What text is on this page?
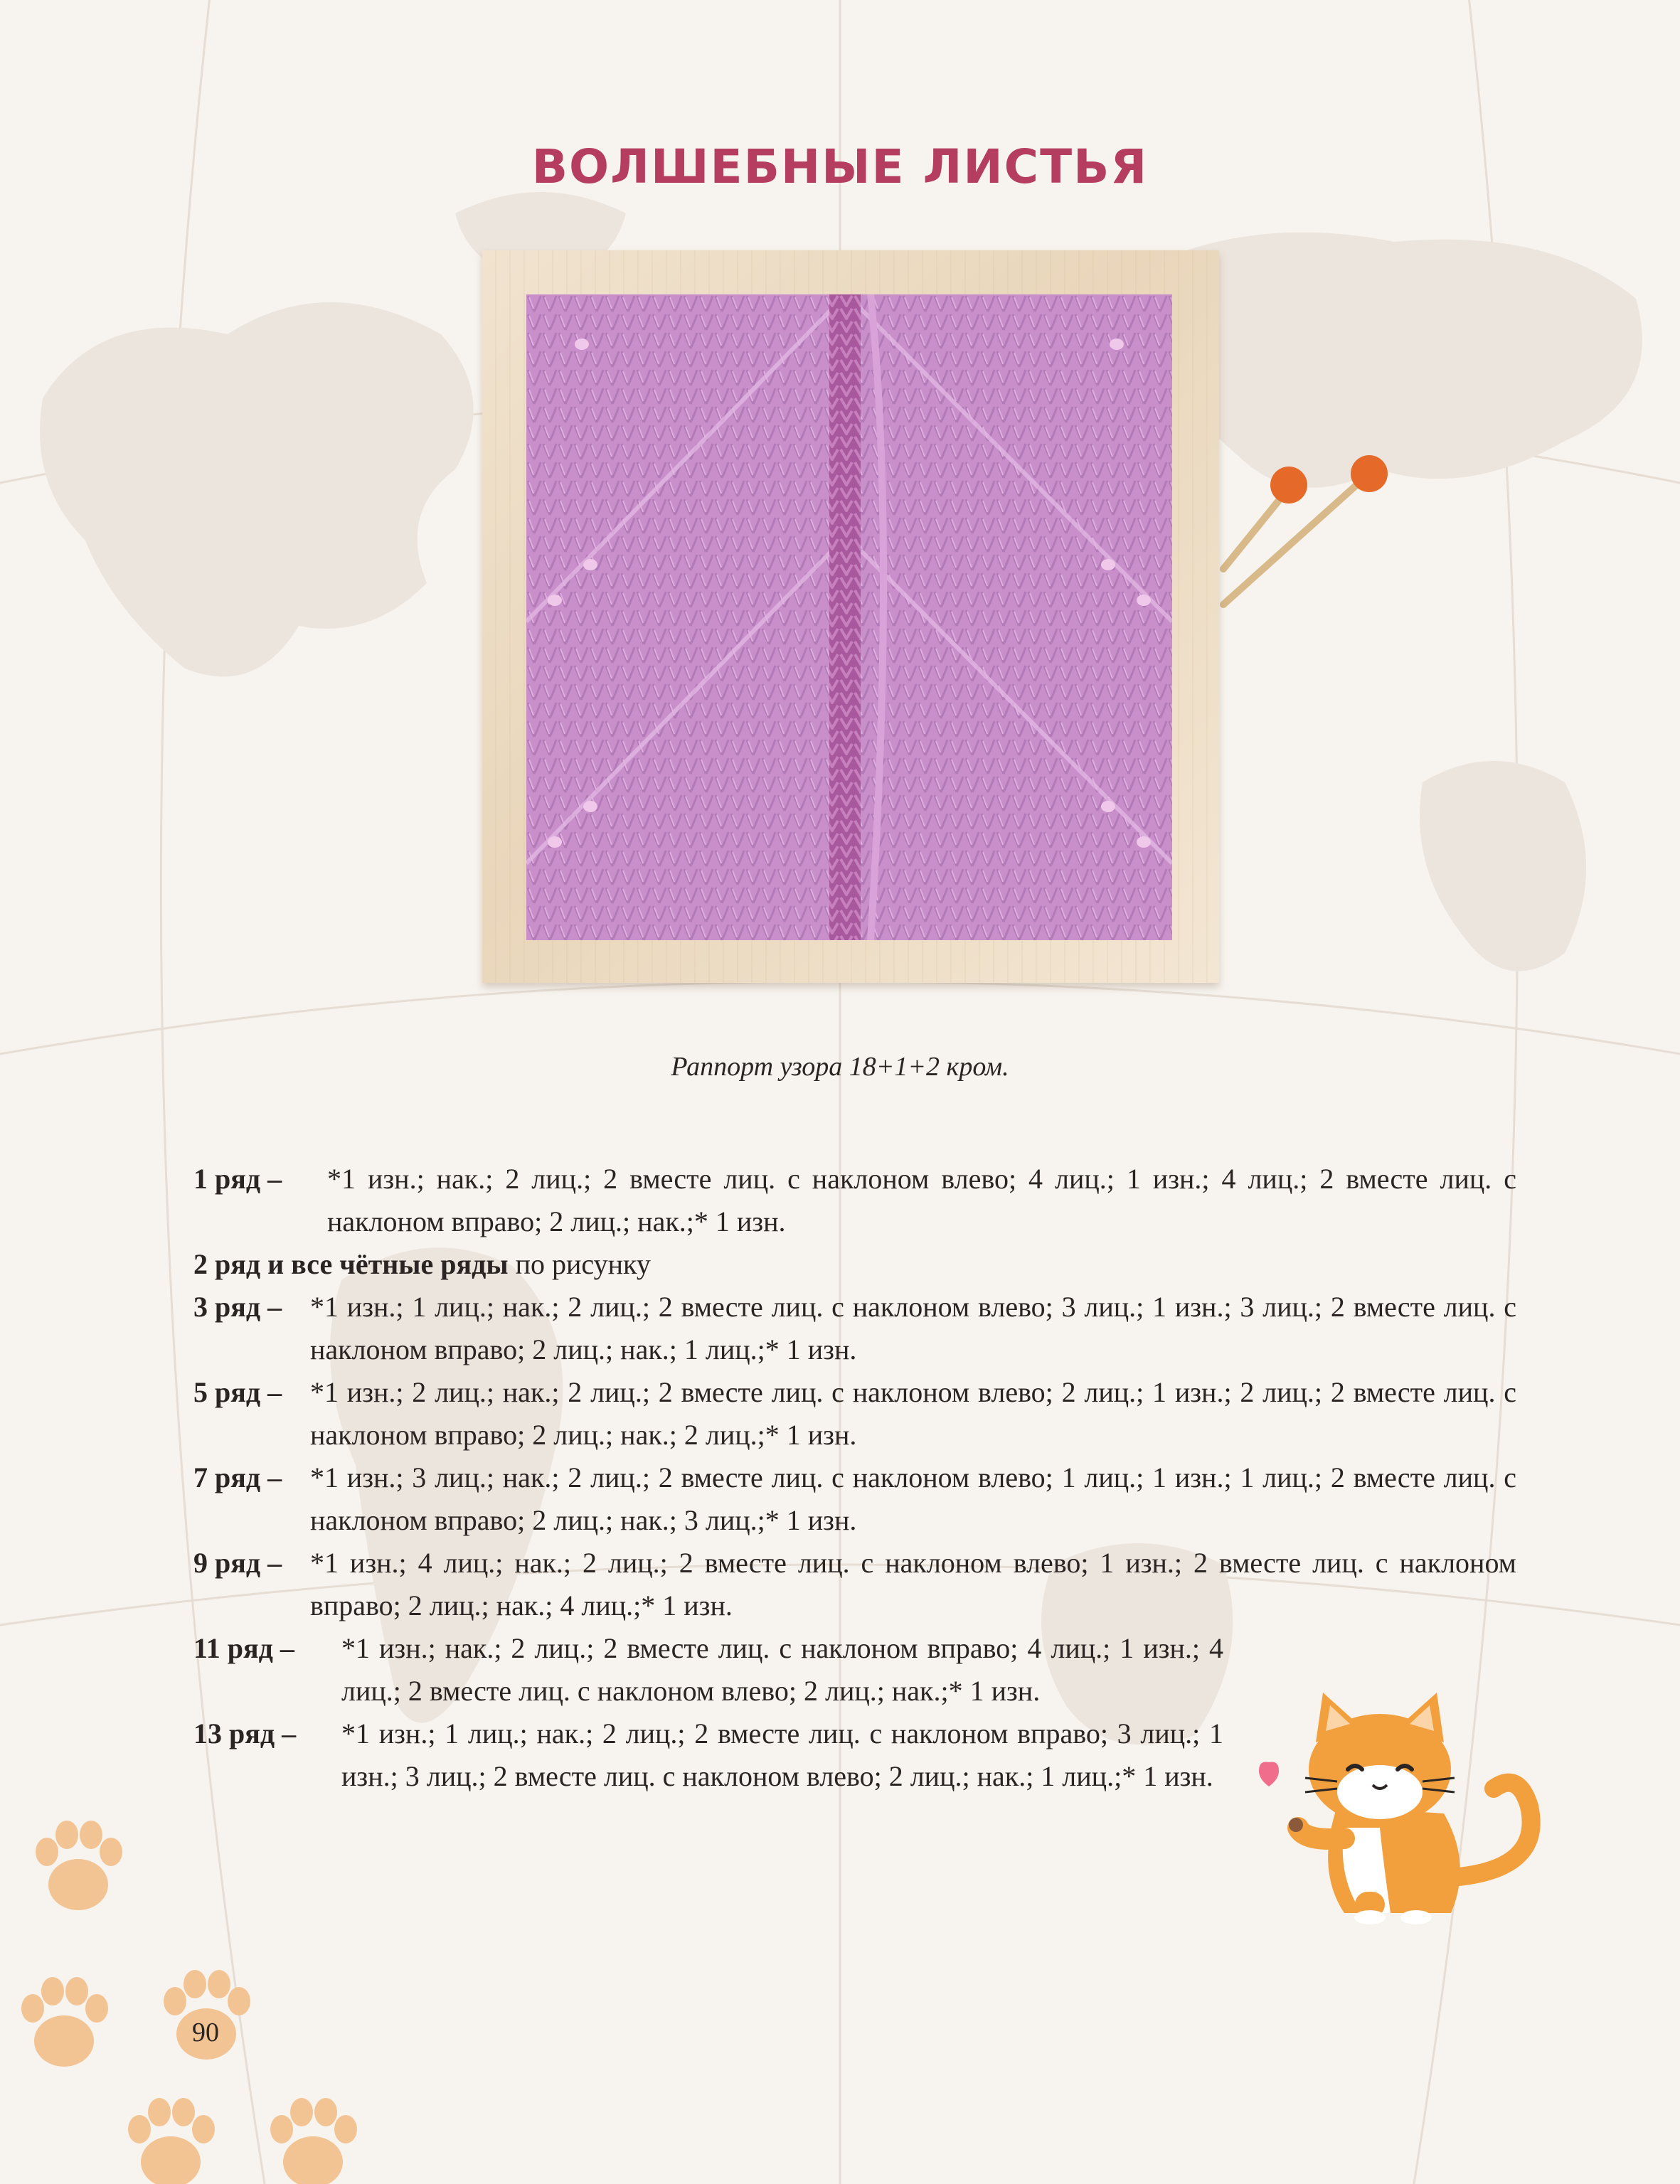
ВОЛШЕБНЫЕ ЛИСТЬЯ
Раппорт узора 18+1+2 кром.
1 ряд –	*1 изн.; нак.; 2 лиц.; 2 вместе лиц. с наклоном влево; 4 лиц.; 1 изн.; 4 лиц.; 2 вместе лиц. с наклоном вправо; 2 лиц.; нак.;* 1 изн.
2 ряд и все чётные ряды по рисунку
3 ряд – *1 изн.; 1 лиц.; нак.; 2 лиц.; 2 вместе лиц. с наклоном влево; 3 лиц.; 1 изн.; 3 лиц.; 2 вместе лиц. с наклоном вправо; 2 лиц.; нак.; 1 лиц.;* 1 изн.
5 ряд – *1 изн.; 2 лиц.; нак.; 2 лиц.; 2 вместе лиц. с наклоном влево; 2 лиц.; 1 изн.; 2 лиц.; 2 вместе лиц. с наклоном вправо; 2 лиц.; нак.; 2 лиц.;* 1 изн.
7 ряд – *1 изн.; 3 лиц.; нак.; 2 лиц.; 2 вместе лиц. с наклоном влево; 1 лиц.; 1 изн.; 1 лиц.; 2 вместе лиц. с наклоном вправо; 2 лиц.; нак.; 3 лиц.;* 1 изн.
9 ряд – *1 изн.; 4 лиц.; нак.; 2 лиц.; 2 вместе лиц. с наклоном влево; 1 изн.; 2 вместе лиц. с наклоном вправо; 2 лиц.; нак.; 4 лиц.;* 1 изн.
11 ряд –	*1 изн.; нак.; 2 лиц.; 2 вместе лиц. с наклоном вправо; 4 лиц.; 1 изн.; 4 лиц.; 2 вместе лиц. с наклоном влево; 2 лиц.; нак.;* 1 изн.
13 ряд –	*1 изн.; 1 лиц.; нак.; 2 лиц.; 2 вместе лиц. с наклоном вправо; 3 лиц.; 1 изн.; 3 лиц.; 2 вместе лиц. с наклоном влево; 2 лиц.; нак.; 1 лиц.;* 1 изн.
90
